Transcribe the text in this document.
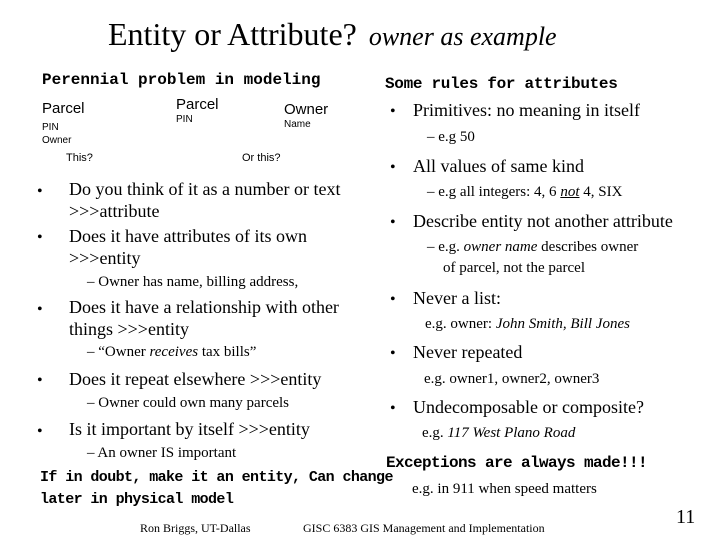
Entity or Attribute? owner as example
Perennial problem in modeling
Parcel
PIN
Owner
This?
Parcel
PIN
Owner
Name
Or this?
• Do you think of it as a number or text
>>>attribute
• Does it have attributes of its own
>>>entity
– Owner has name, billing address,
• Does it have a relationship with other
things >>>entity
– “Owner receives tax bills”
• Does it repeat elsewhere >>>entity
– Owner could own many parcels
• Is it important by itself >>>entity
– An owner IS important
If in doubt, make it an entity, Can change
later in physical model
Some rules for attributes
• Primitives: no meaning in itself
– e.g 50
• All values of same kind
– e.g all integers: 4, 6 not 4, SIX
• Describe entity not another attribute
– e.g. owner name describes owner
of parcel, not the parcel
• Never a list:
e.g. owner: John Smith, Bill Jones
• Never repeated
e.g. owner1, owner2, owner3
• Undecomposable or composite?
e.g. 117 West Plano Road
Exceptions are always made!!!
e.g. in 911 when speed matters
Ron Briggs, UT-Dallas	GISC 6383 GIS Management and Implementation	11
